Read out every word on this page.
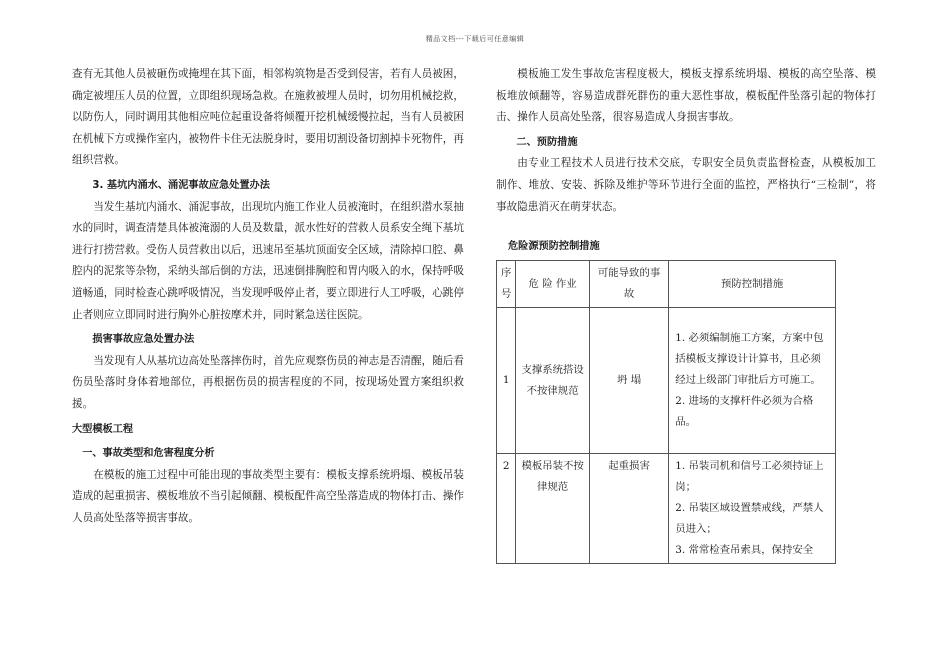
精品文档---下载后可任意编辑

查有无其他人员被砸伤或掩埋在其下面，相邻构筑物是否受到侵害，若有人员被困，确定被埋压人员的位置，立即组织现场急救。在施救被埋人员时，切勿用机械挖救，以防伤人，同时调用其他相应吨位起重设备将倾覆开挖机械缓慢拉起，当有人员被困在机械下方或操作室内，被物件卡住无法脱身时，要用切割设备切割掉卡死物件，再组织营救。

3. 基坑内涌水、涌泥事故应急处置办法

当发生基坑内涌水、涌泥事故，出现坑内施工作业人员被淹时，在组织潜水泵抽水的同时，调查清楚具体被淹溺的人员及数量，派水性好的营救人员系安全绳下基坑进行打捞营救。受伤人员营救出以后，迅速吊至基坑顶面安全区域，清除掉口腔、鼻腔内的泥浆等杂物，采纳头部后倒的方法，迅速倒排胸腔和胃内吸入的水，保持呼吸道畅通，同时检查心跳呼吸情况，当发现呼吸停止者，要立即进行人工呼吸，心跳停止者则应立即同时进行胸外心脏按摩术并，同时紧急送往医院。

损害事故应急处置办法

当发现有人从基坑边高处坠落摔伤时，首先应观察伤员的神志是否清醒，随后看伤员坠落时身体着地部位，再根据伤员的损害程度的不同，按现场处置方案组织救援。

大型模板工程

一、事故类型和危害程度分析

在模板的施工过程中可能出现的事故类型主要有：模板支撑系统坍塌、模板吊装造成的起重损害、模板堆放不当引起倾翻、模板配件高空坠落造成的物体打击、操作人员高处坠落等损害事故。

模板施工发生事故危害程度极大，模板支撑系统坍塌、模板的高空坠落、模板堆放倾翻等，容易造成群死群伤的重大恶性事故，模板配件坠落引起的物体打击、操作人员高处坠落，很容易造成人身损害事故。

二、预防措施

由专业工程技术人员进行技术交底，专职安全员负责监督检查，从模板加工制作、堆放、安装、拆除及维护等环节进行全面的监控，严格执行“三检制”，将事故隐患消灭在萌芽状态。

危险源预防控制措施
序号	危 险 作业	可能导致的事故	预防控制措施
1	支撑系统搭设不按律规范	坍 塌	1. 必须编制施工方案，方案中包括模板支撑设计计算书，且必须经过上级部门审批后方可施工。
2. 进场的支撑杆件必须为合格品。

2	模板吊装不按律规范	起重损害	1. 吊装司机和信号工必须持证上岗；
2. 吊装区域设置禁戒线，严禁人员进入；
3. 常常检查吊索具，保持安全
